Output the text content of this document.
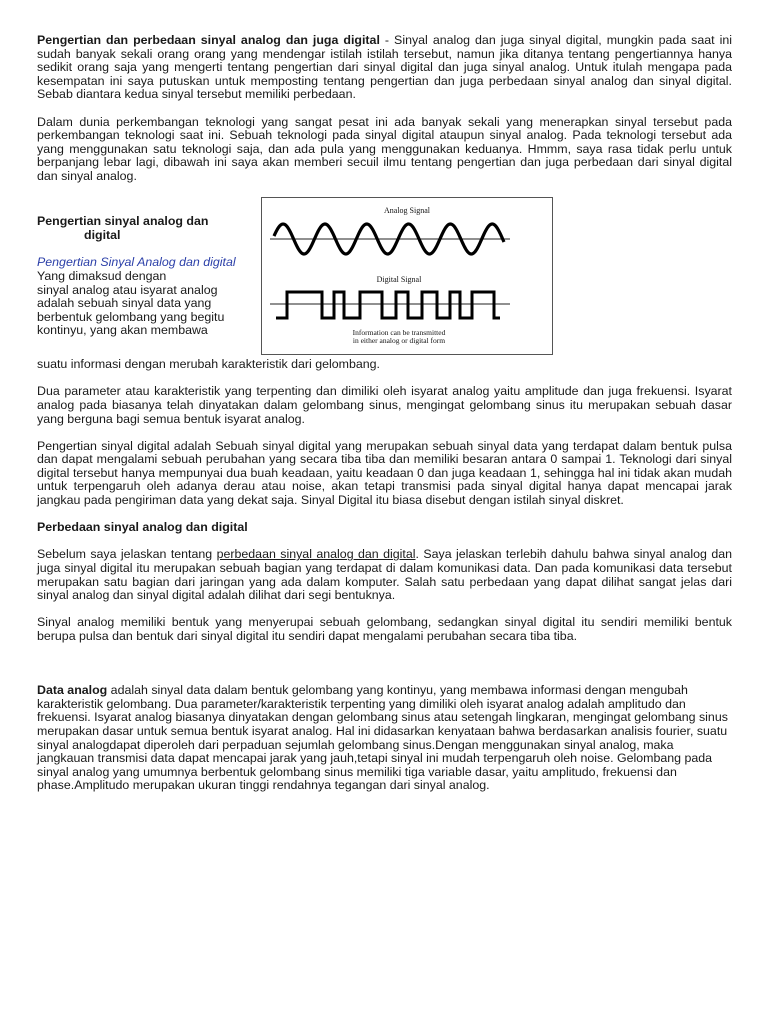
Pengertian dan perbedaan sinyal analog dan juga digital - Sinyal analog dan juga sinyal digital, mungkin pada saat ini sudah banyak sekali orang orang yang mendengar istilah istilah tersebut, namun jika ditanya tentang pengertiannya hanya sedikit orang saja yang mengerti tentang pengertian dari sinyal digital dan juga sinyal analog. Untuk itulah mengapa pada kesempatan ini saya putuskan untuk memposting tentang pengertian dan juga perbedaan sinyal analog dan sinyal digital. Sebab diantara kedua sinyal tersebut memiliki perbedaan.

Dalam dunia perkembangan teknologi yang sangat pesat ini ada banyak sekali yang menerapkan sinyal tersebut pada perkembangan teknologi saat ini. Sebuah teknologi pada sinyal digital ataupun sinyal analog. Pada teknologi tersebut ada yang menggunakan satu teknologi saja, dan ada pula yang menggunakan keduanya. Hmmm, saya rasa tidak perlu untuk berpanjang lebar lagi, dibawah ini saya akan memberi secuil ilmu tentang pengertian dan juga perbedaan dari sinyal digital dan sinyal analog.

Pengertian sinyal analog dan

digital

Pengertian Sinyal Analog dan digital Yang dimaksud dengan
sinyal analog atau isyarat analog
adalah sebuah sinyal data yang
berbentuk gelombang yang begitu
kontinyu, yang akan membawa

Analog Signal
Digital Signal
Information can be transmitted
in either analog or digital form

suatu informasi dengan merubah karakteristik dari gelombang.

Dua parameter atau karakteristik yang terpenting dan dimiliki oleh isyarat analog yaitu amplitude dan juga frekuensi. Isyarat analog pada biasanya telah dinyatakan dalam gelombang sinus, mengingat gelombang sinus itu merupakan sebuah dasar yang berguna bagi semua bentuk isyarat analog.

Pengertian sinyal digital adalah Sebuah sinyal digital yang merupakan sebuah sinyal data yang terdapat dalam bentuk pulsa dan dapat mengalami sebuah perubahan yang secara tiba tiba dan memiliki besaran antara 0 sampai 1. Teknologi dari sinyal digital tersebut hanya mempunyai dua buah keadaan, yaitu keadaan 0 dan juga keadaan 1, sehingga hal ini tidak akan mudah untuk terpengaruh oleh adanya derau atau noise, akan tetapi transmisi pada sinyal digital hanya dapat mencapai jarak jangkau pada pengiriman data yang dekat saja. Sinyal Digital itu biasa disebut dengan istilah sinyal diskret.

Perbedaan sinyal analog dan digital

Sebelum saya jelaskan tentang perbedaan sinyal analog dan digital. Saya jelaskan terlebih dahulu bahwa sinyal analog dan juga sinyal digital itu merupakan sebuah bagian yang terdapat di dalam komunikasi data. Dan pada komunikasi data tersebut merupakan satu bagian dari jaringan yang ada dalam komputer. Salah satu perbedaan yang dapat dilihat sangat jelas dari sinyal analog dan sinyal digital adalah dilihat dari segi bentuknya.

Sinyal analog memiliki bentuk yang menyerupai sebuah gelombang, sedangkan sinyal digital itu sendiri memiliki bentuk berupa pulsa dan bentuk dari sinyal digital itu sendiri dapat mengalami perubahan secara tiba tiba.

Data analog adalah sinyal data dalam bentuk gelombang yang kontinyu, yang membawa informasi dengan mengubah karakteristik gelombang. Dua parameter/karakteristik terpenting yang dimiliki oleh isyarat analog adalah amplitudo dan frekuensi. Isyarat analog biasanya dinyatakan dengan gelombang sinus atau setengah lingkaran, mengingat gelombang sinus merupakan dasar untuk semua bentuk isyarat analog. Hal ini didasarkan kenyataan bahwa berdasarkan analisis fourier, suatu sinyal analogdapat diperoleh dari perpaduan sejumlah gelombang sinus.Dengan menggunakan sinyal analog, maka jangkauan transmisi data dapat mencapai jarak yang jauh,tetapi sinyal ini mudah terpengaruh oleh noise. Gelombang pada sinyal analog yang umumnya berbentuk gelombang sinus memiliki tiga variable dasar, yaitu amplitudo, frekuensi dan phase.Amplitudo merupakan ukuran tinggi rendahnya tegangan dari sinyal analog.
